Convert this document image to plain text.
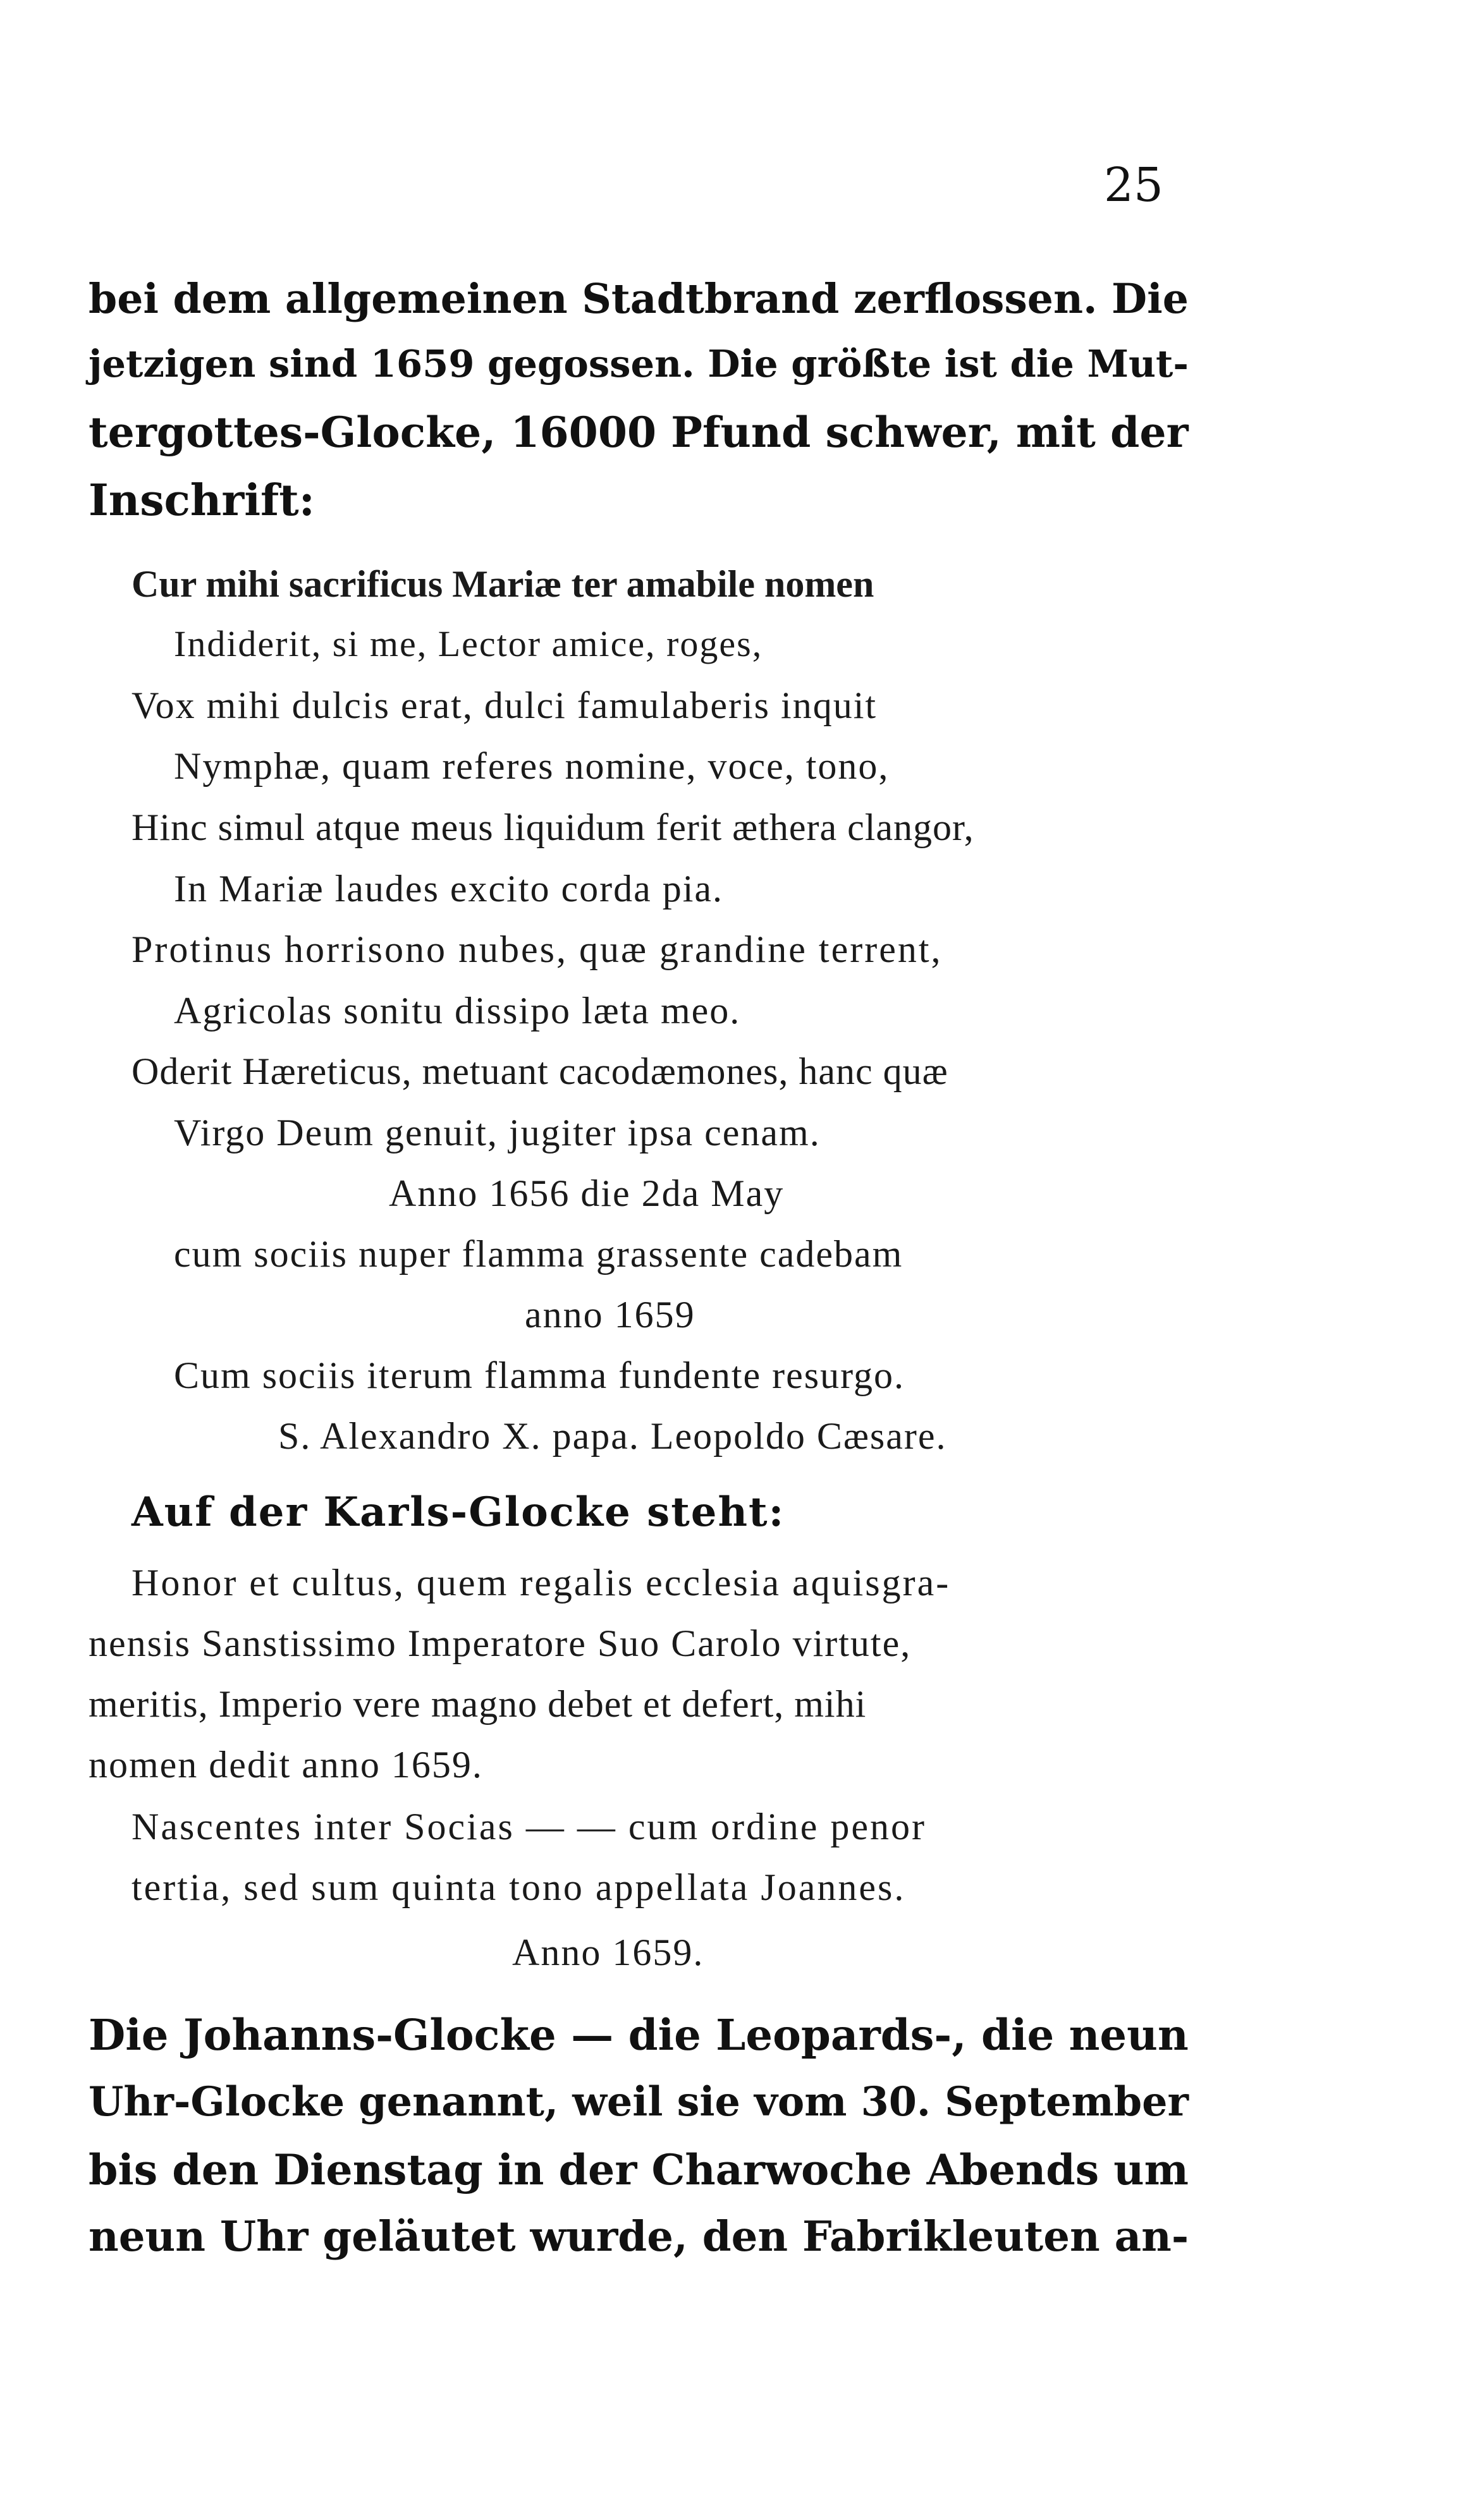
25
bei dem allgemeinen Stadtbrand zerflossen. Die
jetzigen sind 1659 gegossen. Die größte ist die Mut-
tergottes-Glocke, 16000 Pfund schwer, mit der
Inschrift:
Cur mihi sacrificus Mariæ ter amabile nomen
Indiderit, si me, Lector amice, roges,
Vox mihi dulcis erat, dulci famulaberis inquit
Nymphæ, quam referes nomine, voce, tono,
Hinc simul atque meus liquidum ferit æthera clangor,
In Mariæ laudes excito corda pia.
Protinus horrisono nubes, quæ grandine terrent,
Agricolas sonitu dissipo læta meo.
Oderit Hæreticus, metuant cacodæmones, hanc quæ
Virgo Deum genuit, jugiter ipsa cenam.
Anno 1656 die 2da May
cum sociis nuper flamma grassente cadebam
anno 1659
Cum sociis iterum flamma fundente resurgo.
S. Alexandro X. papa. Leopoldo Cæsare.
Auf der Karls-Glocke steht:
Honor et cultus, quem regalis ecclesia aquisgra-
nensis Sanstissimo Imperatore Suo Carolo virtute,
meritis, Imperio vere magno debet et defert, mihi
nomen dedit anno 1659.
Nascentes inter Socias — — cum ordine penor
tertia, sed sum quinta tono appellata Joannes.
Anno 1659.
Die Johanns-Glocke — die Leopards-, die neun
Uhr-Glocke genannt, weil sie vom 30. September
bis den Dienstag in der Charwoche Abends um
neun Uhr geläutet wurde, den Fabrikleuten an-
